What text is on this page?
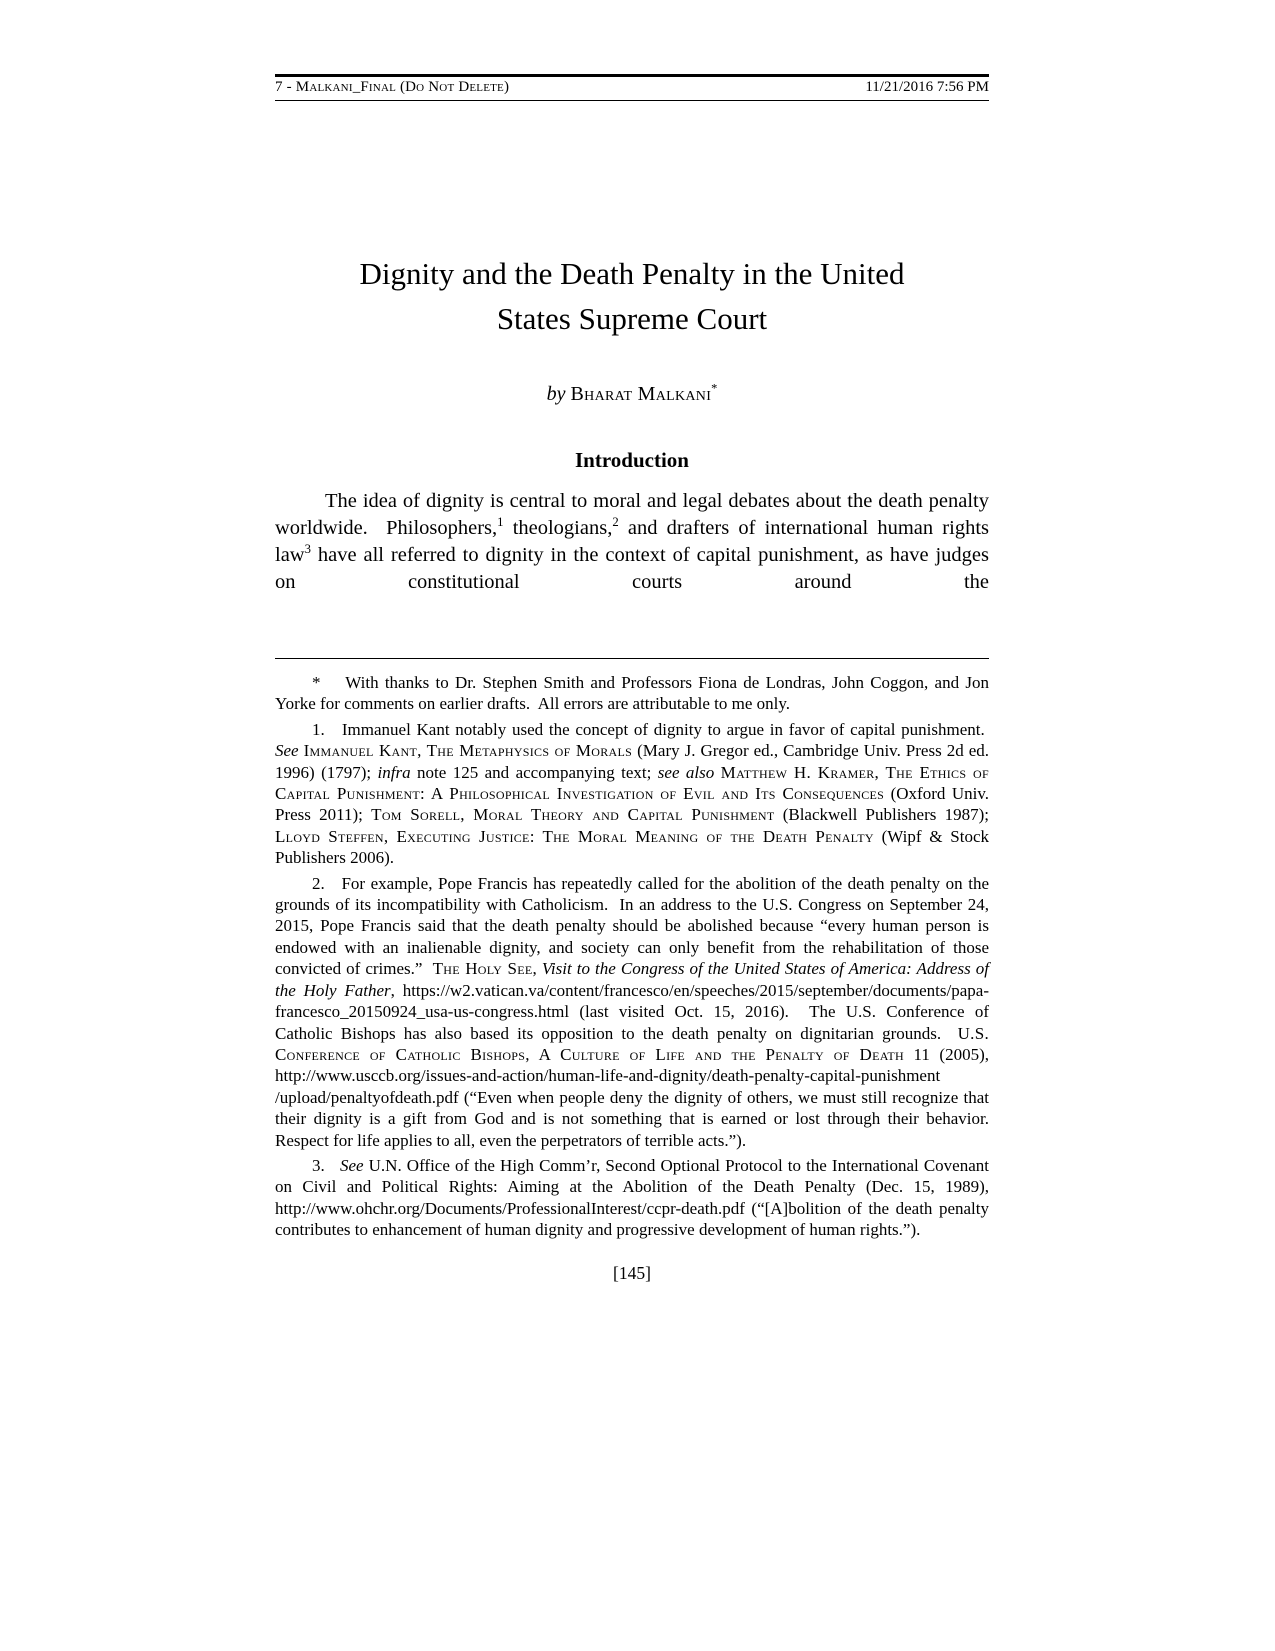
7 - Malkani_Final (Do Not Delete)	11/21/2016 7:56 PM
Dignity and the Death Penalty in the United
States Supreme Court
by Bharat Malkani*
Introduction

The idea of dignity is central to moral and legal debates about the death penalty worldwide.  Philosophers,$^1$ theologians,$^2$ and drafters of international human rights law$^3$ have all referred to dignity in the context of capital punishment, as have judges on constitutional courts around the

*    With thanks to Dr. Stephen Smith and Professors Fiona de Londras, John Coggon, and Jon Yorke for comments on earlier drafts.  All errors are attributable to me only.

1.   Immanuel Kant notably used the concept of dignity to argue in favor of capital punishment.  See Immanuel Kant, The Metaphysics of Morals (Mary J. Gregor ed., Cambridge Univ. Press 2d ed. 1996) (1797); infra note 125 and accompanying text; see also Matthew H. Kramer, The Ethics of Capital Punishment: A Philosophical Investigation of Evil and Its Consequences (Oxford Univ. Press 2011); Tom Sorell, Moral Theory and Capital Punishment (Blackwell Publishers 1987); Lloyd Steffen, Executing Justice: The Moral Meaning of the Death Penalty (Wipf & Stock Publishers 2006).

2.   For example, Pope Francis has repeatedly called for the abolition of the death penalty on the grounds of its incompatibility with Catholicism.  In an address to the U.S. Congress on September 24, 2015, Pope Francis said that the death penalty should be abolished because “every human person is endowed with an inalienable dignity, and society can only benefit from the rehabilitation of those convicted of crimes.”  The Holy See, Visit to the Congress of the United States of America: Address of the Holy Father, https://w2.vatican.va/content/​francesco/en/speeches/2015/september/documents/papa-francesco_20150924_usa-us-​congress.html (last visited Oct. 15, 2016).  The U.S. Conference of Catholic Bishops has also based its opposition to the death penalty on dignitarian grounds.  U.S. Conference of Catholic Bishops, A Culture of Life and the Penalty of Death 11 (2005), http://www.usccb.org/issues-and-action/human-life-and-dignity/death-penalty-capital-punishment​/upload/penaltyofdeath.pdf (“Even when people deny the dignity of others, we must still recognize that their dignity is a gift from God and is not something that is earned or lost through their behavior. Respect for life applies to all, even the perpetrators of terrible acts.”).

3.   See U.N. Office of the High Comm’r, Second Optional Protocol to the International Covenant on Civil and Political Rights: Aiming at the Abolition of the Death Penalty (Dec. 15, 1989), http://www.ohchr.org/Documents/ProfessionalInterest/ccpr-death.pdf (“[A]bolition of the death penalty contributes to enhancement of human dignity and progressive development of human rights.”).

[145]
